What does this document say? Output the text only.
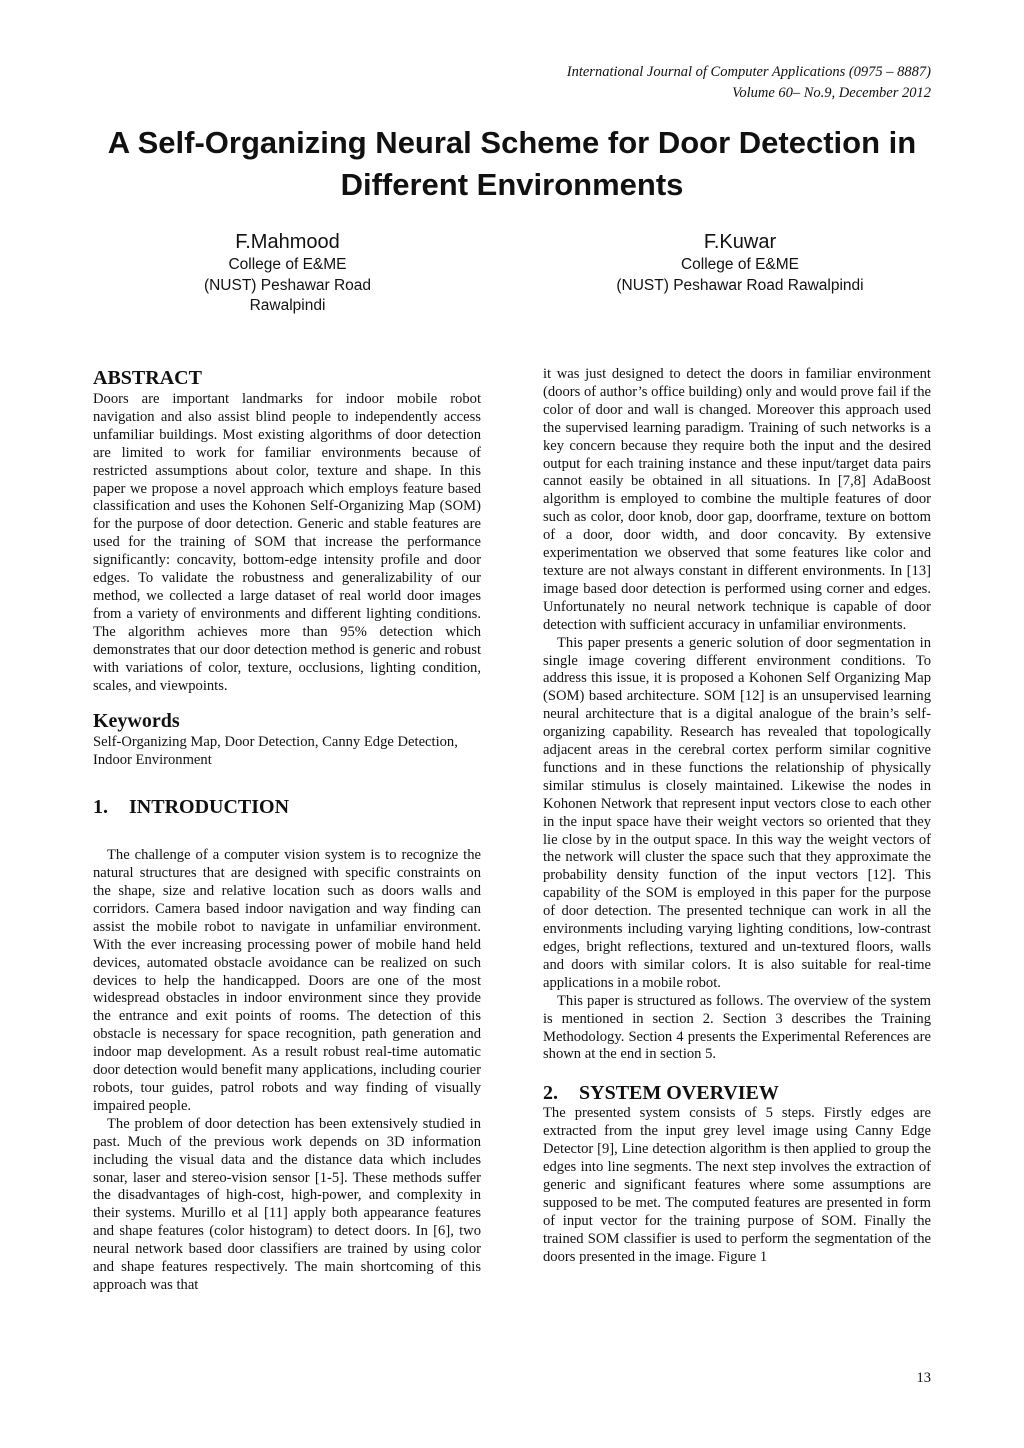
International Journal of Computer Applications (0975 – 8887)
Volume 60– No.9, December 2012
A Self-Organizing Neural Scheme for Door Detection in
Different Environments
F.Mahmood
College of E&ME
(NUST) Peshawar Road
Rawalpindi
F.Kuwar
College of E&ME
(NUST) Peshawar Road Rawalpindi
ABSTRACT

Doors are important landmarks for indoor mobile robot navigation and also assist blind people to independently access unfamiliar buildings. Most existing algorithms of door detection are limited to work for familiar environments because of restricted assumptions about color, texture and shape. In this paper we propose a novel approach which employs feature based classification and uses the Kohonen Self-Organizing Map (SOM) for the purpose of door detection. Generic and stable features are used for the training of SOM that increase the performance significantly: concavity, bottom-edge intensity profile and door edges. To validate the robustness and generalizability of our method, we collected a large dataset of real world door images from a variety of environments and different lighting conditions. The algorithm achieves more than 95% detection which demonstrates that our door detection method is generic and robust with variations of color, texture, occlusions, lighting condition, scales, and viewpoints.

Keywords

Self-Organizing Map, Door Detection, Canny Edge Detection, Indoor Environment

1. INTRODUCTION

The challenge of a computer vision system is to recognize the natural structures that are designed with specific constraints on the shape, size and relative location such as doors walls and corridors. Camera based indoor navigation and way finding can assist the mobile robot to navigate in unfamiliar environment. With the ever increasing processing power of mobile hand held devices, automated obstacle avoidance can be realized on such devices to help the handicapped. Doors are one of the most widespread obstacles in indoor environment since they provide the entrance and exit points of rooms. The detection of this obstacle is necessary for space recognition, path generation and indoor map development. As a result robust real-time automatic door detection would benefit many applications, including courier robots, tour guides, patrol robots and way finding of visually impaired people.

The problem of door detection has been extensively studied in past. Much of the previous work depends on 3D information including the visual data and the distance data which includes sonar, laser and stereo-vision sensor [1-5]. These methods suffer the disadvantages of high-cost, high-power, and complexity in their systems. Murillo et al [11] apply both appearance features and shape features (color histogram) to detect doors. In [6], two neural network based door classifiers are trained by using color and shape features respectively. The main shortcoming of this approach was that

it was just designed to detect the doors in familiar environment (doors of author’s office building) only and would prove fail if the color of door and wall is changed. Moreover this approach used the supervised learning paradigm. Training of such networks is a key concern because they require both the input and the desired output for each training instance and these input/target data pairs cannot easily be obtained in all situations. In [7,8] AdaBoost algorithm is employed to combine the multiple features of door such as color, door knob, door gap, doorframe, texture on bottom of a door, door width, and door concavity. By extensive experimentation we observed that some features like color and texture are not always constant in different environments. In [13] image based door detection is performed using corner and edges. Unfortunately no neural network technique is capable of door detection with sufficient accuracy in unfamiliar environments.

This paper presents a generic solution of door segmentation in single image covering different environment conditions. To address this issue, it is proposed a Kohonen Self Organizing Map (SOM) based architecture. SOM [12] is an unsupervised learning neural architecture that is a digital analogue of the brain’s self-organizing capability. Research has revealed that topologically adjacent areas in the cerebral cortex perform similar cognitive functions and in these functions the relationship of physically similar stimulus is closely maintained. Likewise the nodes in Kohonen Network that represent input vectors close to each other in the input space have their weight vectors so oriented that they lie close by in the output space. In this way the weight vectors of the network will cluster the space such that they approximate the probability density function of the input vectors [12]. This capability of the SOM is employed in this paper for the purpose of door detection. The presented technique can work in all the environments including varying lighting conditions, low-contrast edges, bright reflections, textured and un-textured floors, walls and doors with similar colors. It is also suitable for real-time applications in a mobile robot.

This paper is structured as follows. The overview of the system is mentioned in section 2. Section 3 describes the Training Methodology. Section 4 presents the Experimental References are shown at the end in section 5.

2. SYSTEM OVERVIEW

The presented system consists of 5 steps. Firstly edges are extracted from the input grey level image using Canny Edge Detector [9], Line detection algorithm is then applied to group the edges into line segments. The next step involves the extraction of generic and significant features where some assumptions are supposed to be met. The computed features are presented in form of input vector for the training purpose of SOM. Finally the trained SOM classifier is used to perform the segmentation of the doors presented in the image. Figure 1

13
